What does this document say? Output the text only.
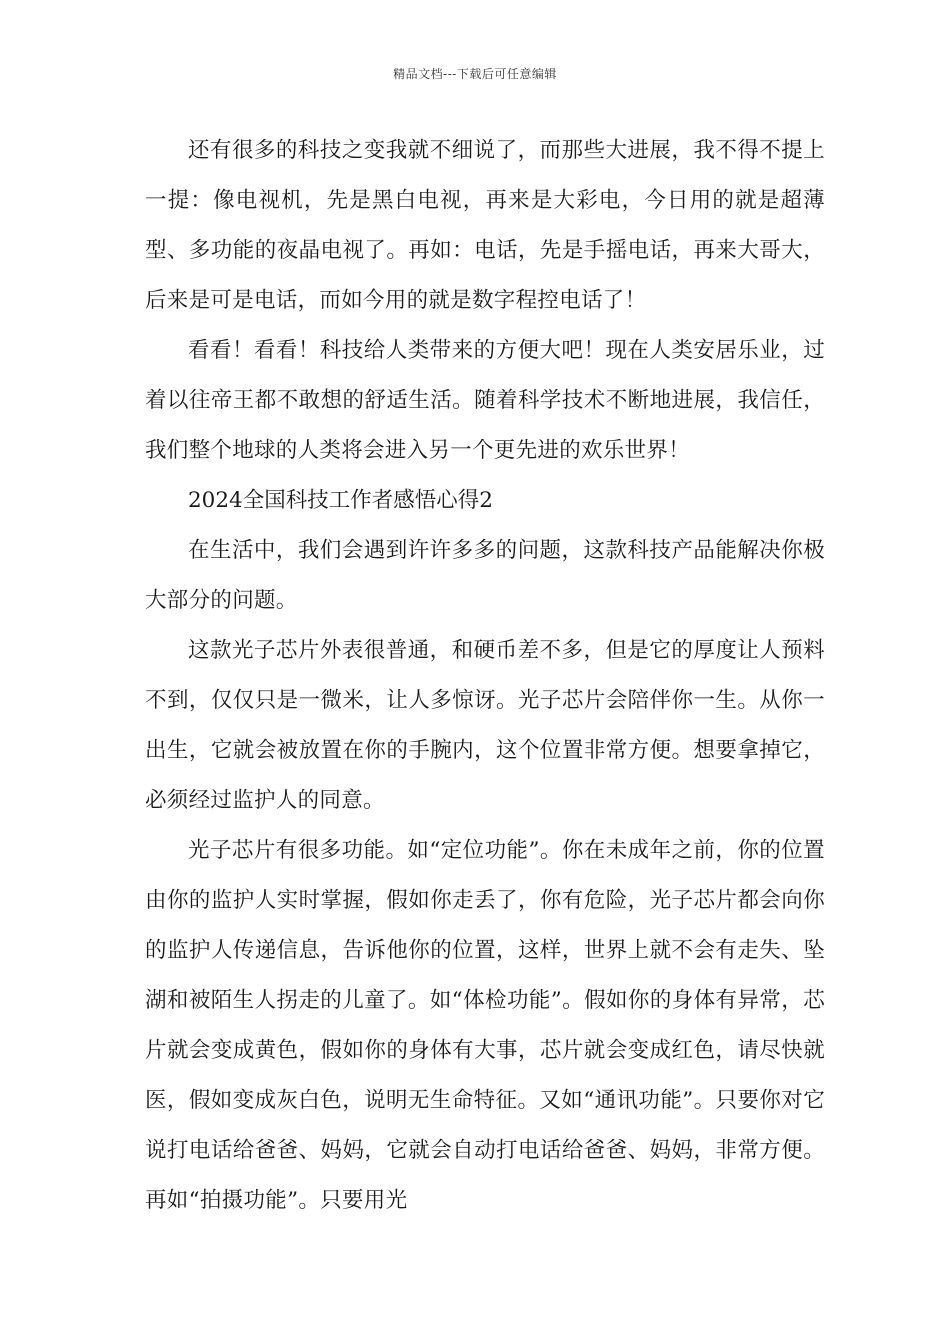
精品文档---下载后可任意编辑

还有很多的科技之变我就不细说了，而那些大进展，我不得不提上一提：像电视机，先是黑白电视，再来是大彩电，今日用的就是超薄型、多功能的夜晶电视了。再如：电话，先是手摇电话，再来大哥大，后来是可是电话，而如今用的就是数字程控电话了！

看看！看看！科技给人类带来的方便大吧！现在人类安居乐业，过着以往帝王都不敢想的舒适生活。随着科学技术不断地进展，我信任，我们整个地球的人类将会进入另一个更先进的欢乐世界！

2024全国科技工作者感悟心得2

在生活中，我们会遇到许许多多的问题，这款科技产品能解决你极大部分的问题。

这款光子芯片外表很普通，和硬币差不多，但是它的厚度让人预料不到，仅仅只是一微米，让人多惊讶。光子芯片会陪伴你一生。从你一出生，它就会被放置在你的手腕内，这个位置非常方便。想要拿掉它，必须经过监护人的同意。

光子芯片有很多功能。如“定位功能”。你在未成年之前，你的位置由你的监护人实时掌握，假如你走丢了，你有危险，光子芯片都会向你的监护人传递信息，告诉他你的位置，这样，世界上就不会有走失、坠湖和被陌生人拐走的儿童了。如“体检功能”。假如你的身体有异常，芯片就会变成黄色，假如你的身体有大事，芯片就会变成红色，请尽快就医，假如变成灰白色，说明无生命特征。又如“通讯功能”。只要你对它说打电话给爸爸、妈妈，它就会自动打电话给爸爸、妈妈，非常方便。再如“拍摄功能”。只要用光
